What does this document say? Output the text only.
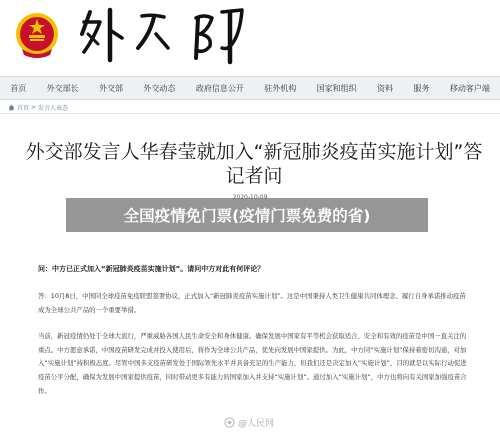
首页	外交部长	外交部	外交动态	政府信息公开	驻外机构	国家和组织	资料	服务	移动客户端
首页 > 发言人表态
外交部发言人华春莹就加入“新冠肺炎疫苗实施计划”答记者问
全国疫情免门票(疫情门票免费的省)
问：中方已正式加入“新冠肺炎疫苗实施计划”。请问中方对此有何评论？
答：10月8日，中国同全球疫苗免疫联盟签署协议，正式加入“新冠肺炎疫苗实施计划”。这是中国秉持人类卫生健康共同体理念、履行自身承诺推动疫苗成为全球公共产品的一个重要举措。
当前，新冠疫情仍处于全球大流行，严重威胁各国人民生命安全和身体健康。确保发展中国家有平等机会获取适合、安全和有效的疫苗是中国一直关注的重点。中方愿意承诺，中国疫苗研发完成并投入使用后，将作为全球公共产品，优先向发展中国家提供。为此，中方同“实施计划”保持着密切沟通，对加入“实施计划”持积极态度。尽管中国多支疫苗研发处于国际领先水平并具备充足的生产能力，但我们还是决定加入“实施计划”，目的就是以实际行动促进疫苗公平分配，确保为发展中国家提供疫苗，同时带动更多有能力的国家加入并支持“实施计划”。通过加入“实施计划”，中方也将向有关国家加强疫苗合作。
@人民网
